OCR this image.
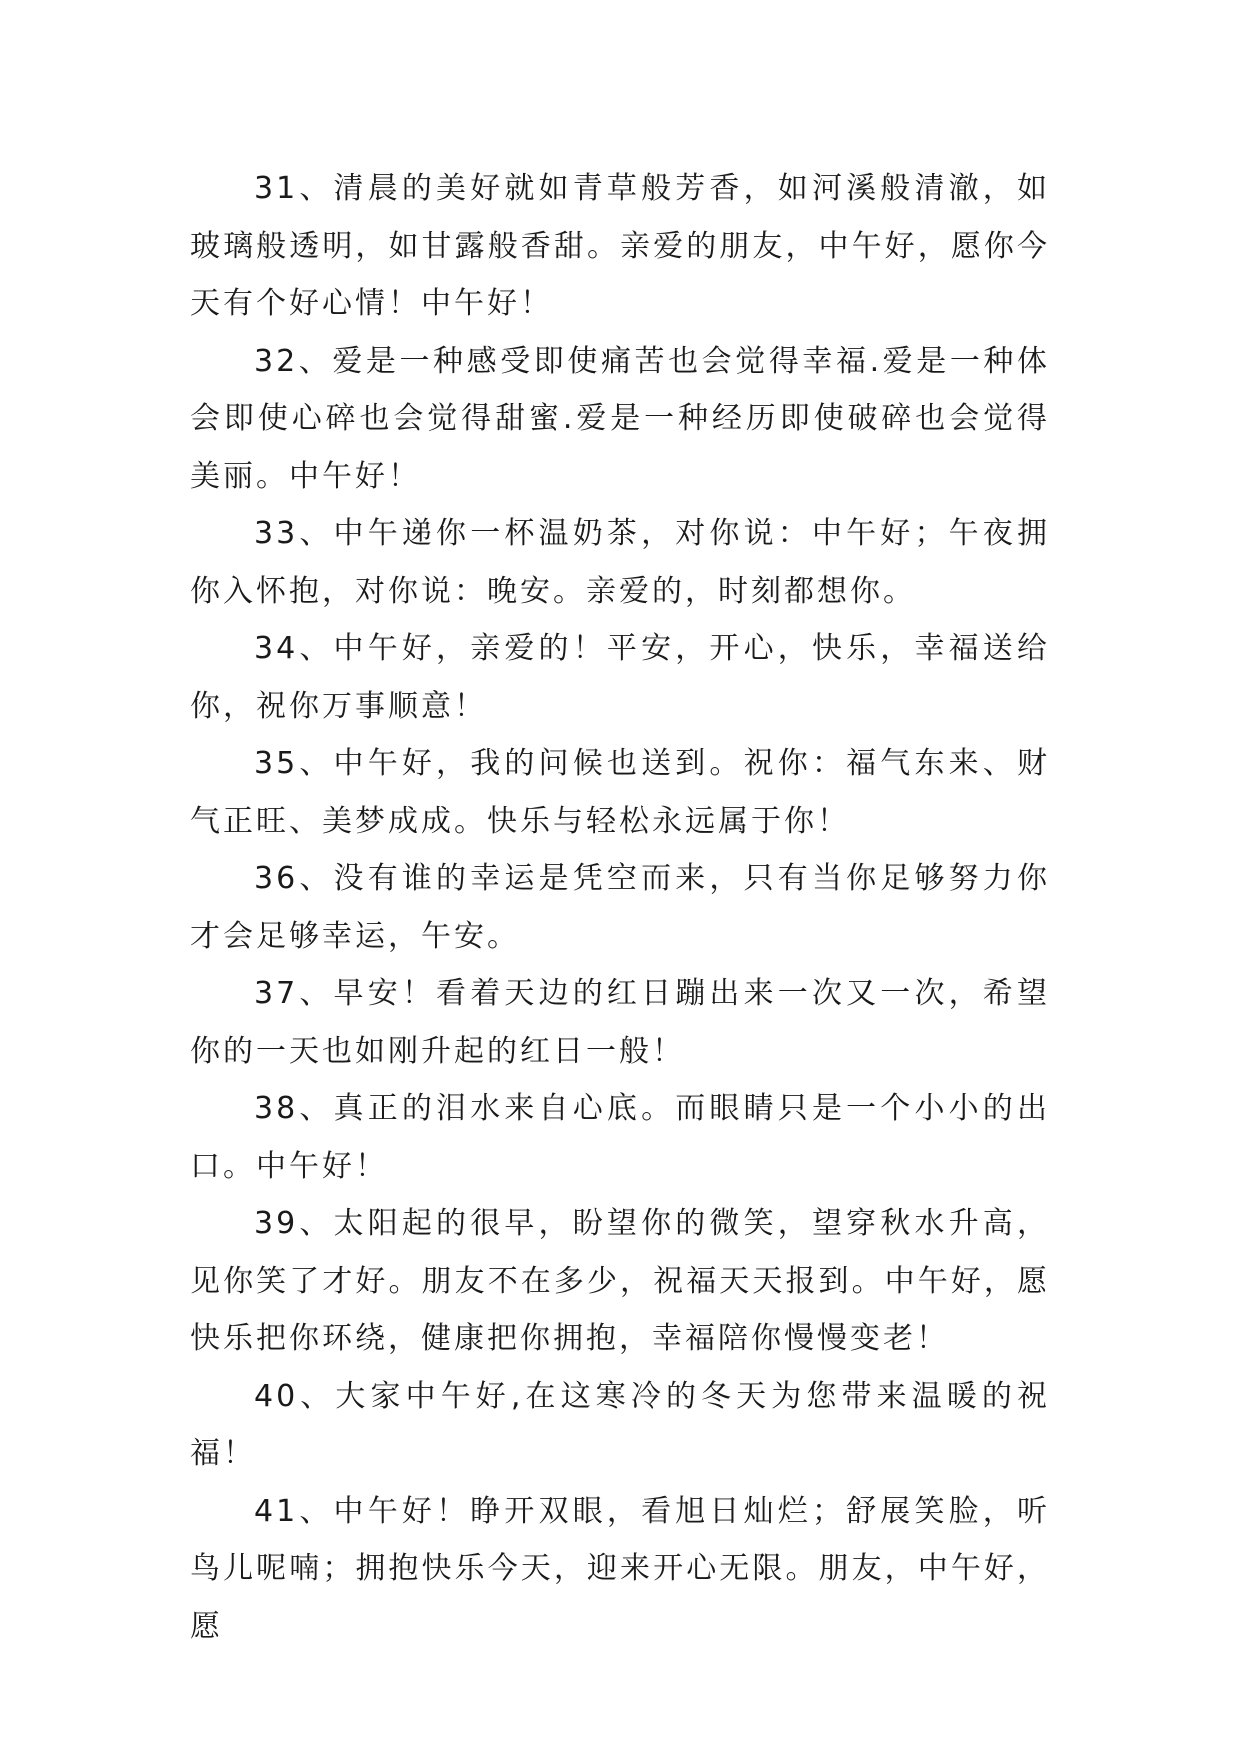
31、清晨的美好就如青草般芳香，如河溪般清澈，如玻璃般透明，如甘露般香甜。亲爱的朋友，中午好，愿你今天有个好心情！中午好！

32、爱是一种感受即使痛苦也会觉得幸福.爱是一种体会即使心碎也会觉得甜蜜.爱是一种经历即使破碎也会觉得美丽。中午好！

33、中午递你一杯温奶茶，对你说：中午好；午夜拥你入怀抱，对你说：晚安。亲爱的，时刻都想你。

34、中午好，亲爱的！平安，开心，快乐，幸福送给你，祝你万事顺意！

35、中午好，我的问候也送到。祝你：福气东来、财气正旺、美梦成成。快乐与轻松永远属于你！

36、没有谁的幸运是凭空而来，只有当你足够努力你才会足够幸运，午安。

37、早安！看着天边的红日蹦出来一次又一次，希望你的一天也如刚升起的红日一般！

38、真正的泪水来自心底。而眼睛只是一个小小的出口。中午好！

39、太阳起的很早，盼望你的微笑，望穿秋水升高，见你笑了才好。朋友不在多少，祝福天天报到。中午好，愿快乐把你环绕，健康把你拥抱，幸福陪你慢慢变老！

40、大家中午好,在这寒冷的冬天为您带来温暖的祝福！

41、中午好！睁开双眼，看旭日灿烂；舒展笑脸，听鸟儿呢喃；拥抱快乐今天，迎来开心无限。朋友，中午好，愿
